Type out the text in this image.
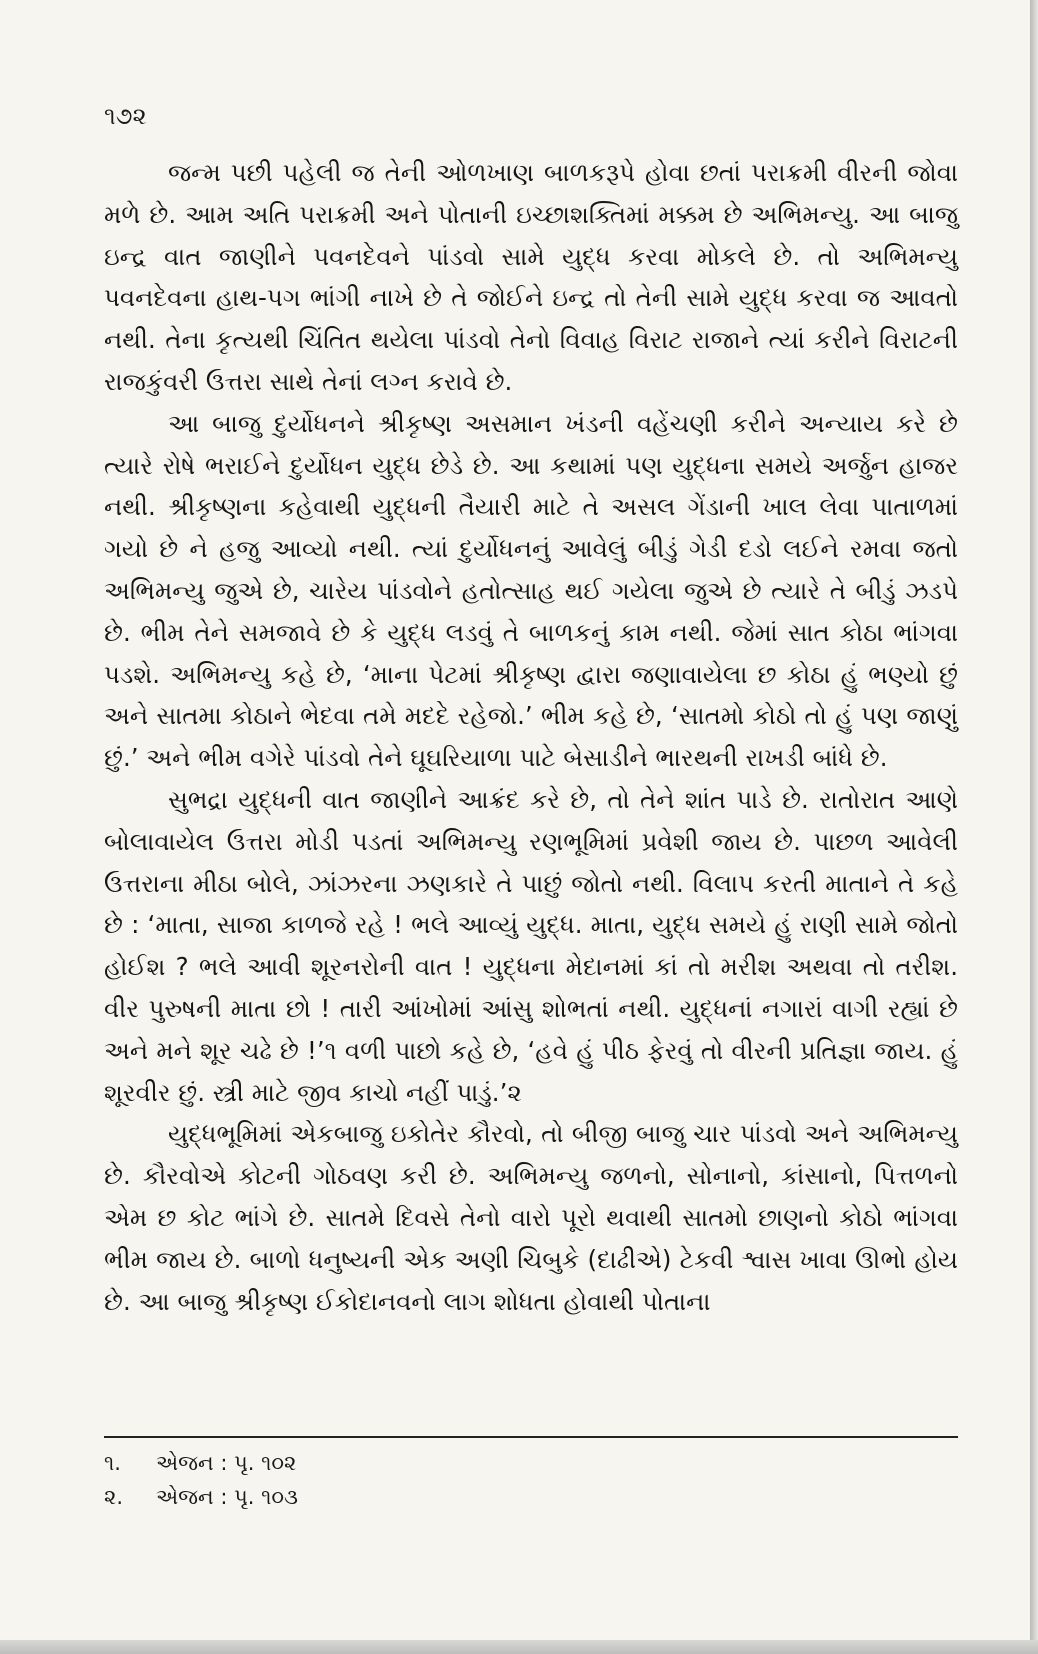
૧૭૨

જન્મ પછી પહેલી જ તેની ઓળખાણ બાળકરૂપે હોવા છતાં પરાક્રમી વીરની જોવા મળે છે. આમ અતિ પરાક્રમી અને પોતાની ઇચ્છાશક્તિમાં મક્કમ છે અભિમન્યુ. આ બાજુ ઇન્દ્ર વાત જાણીને પવનદેવને પાંડવો સામે યુદ્ધ કરવા મોકલે છે. તો અભિમન્યુ પવનદેવના હાથ-પગ ભાંગી નાખે છે તે જોઈને ઇન્દ્ર તો તેની સામે યુદ્ધ કરવા જ આવતો નથી. તેના કૃત્યથી ચિંતિત થયેલા પાંડવો તેનો વિવાહ વિરાટ રાજાને ત્યાં કરીને વિરાટની રાજકુંવરી ઉત્તરા સાથે તેનાં લગ્ન કરાવે છે.

આ બાજુ દુર્યોધનને શ્રીકૃષ્ણ અસમાન ખંડની વહેંચણી કરીને અન્યાય કરે છે ત્યારે રોષે ભરાઈને દુર્યોધન યુદ્ધ છેડે છે. આ કથામાં પણ યુદ્ધના સમયે અર્જુન હાજર નથી. શ્રીકૃષ્ણના કહેવાથી યુદ્ધની તૈયારી માટે તે અસલ ગેંડાની ખાલ લેવા પાતાળમાં ગયો છે ને હજુ આવ્યો નથી. ત્યાં દુર્યોધનનું આવેલું બીડું ગેડી દડો લઈને રમવા જતો અભિમન્યુ જુએ છે, ચારેય પાંડવોને હતોત્સાહ થઈ ગયેલા જુએ છે ત્યારે તે બીડું ઝડપે છે. ભીમ તેને સમજાવે છે કે યુદ્ધ લડવું તે બાળકનું કામ નથી. જેમાં સાત કોઠા ભાંગવા પડશે. અભિમન્યુ કહે છે, ‘માના પેટમાં શ્રીકૃષ્ણ દ્વારા જણાવાયેલા છ કોઠા હું ભણ્યો છું અને સાતમા કોઠાને ભેદવા તમે મદદે રહેજો.’ ભીમ કહે છે, ‘સાતમો કોઠો તો હું પણ જાણું છું.’ અને ભીમ વગેરે પાંડવો તેને ઘૂઘરિયાળા પાટે બેસાડીને ભારથની રાખડી બાંધે છે.

સુભદ્રા યુદ્ધની વાત જાણીને આક્રંદ કરે છે, તો તેને શાંત પાડે છે. રાતોરાત આણે બોલાવાયેલ ઉત્તરા મોડી પડતાં અભિમન્યુ રણભૂમિમાં પ્રવેશી જાય છે. પાછળ આવેલી ઉત્તરાના મીઠા બોલે, ઝાંઝરના ઝણકારે તે પાછું જોતો નથી. વિલાપ કરતી માતાને તે કહે છે : ‘માતા, સાજા કાળજે રહે ! ભલે આવ્યું યુદ્ધ. માતા, યુદ્ધ સમયે હું રાણી સામે જોતો હોઈશ ? ભલે આવી શૂરનરોની વાત ! યુદ્ધના મેદાનમાં કાં તો મરીશ અથવા તો તરીશ. વીર પુરુષની માતા છો ! તારી આંખોમાં આંસુ શોભતાં નથી. યુદ્ધનાં નગારાં વાગી રહ્યાં છે અને મને શૂર ચઢે છે !’૧ વળી પાછો કહે છે, ‘હવે હું પીઠ ફેરવું તો વીરની પ્રતિજ્ઞા જાય. હું શૂરવીર છું. સ્ત્રી માટે જીવ કાચો નહીં પાડું.’૨

યુદ્ધભૂમિમાં એકબાજુ ઇકોતેર કૌરવો, તો બીજી બાજુ ચાર પાંડવો અને અભિમન્યુ છે. કૌરવોએ કોટની ગોઠવણ કરી છે. અભિમન્યુ જળનો, સોનાનો, કાંસાનો, પિત્તળનો એમ છ કોટ ભાંગે છે. સાતમે દિવસે તેનો વારો પૂરો થવાથી સાતમો છાણનો કોઠો ભાંગવા ભીમ જાય છે. બાળો ધનુષ્યની એક અણી ચિબુકે (દાઢીએ) ટેકવી શ્વાસ ખાવા ઊભો હોય છે. આ બાજુ શ્રીકૃષ્ણ ઈકોદાનવનો લાગ શોધતા હોવાથી પોતાના

૧.	એજન : પૃ. ૧૦૨
૨.	એજન : પૃ. ૧૦૩
